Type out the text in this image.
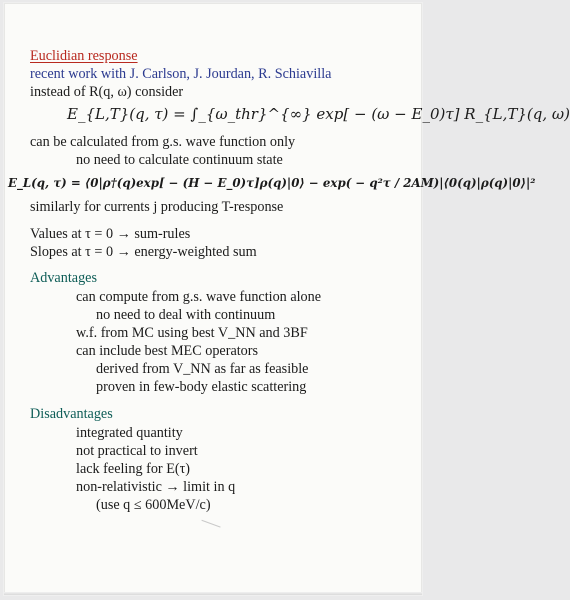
Euclidian response
recent work with J. Carlson, J. Jourdan, R. Schiavilla
instead of R(q, ω) consider
E_{L,T}(q, τ) = ∫_{ω_thr}^{∞} exp[ − (ω − E_0)τ] R_{L,T}(q, ω)
can be calculated from g.s. wave function only
no need to calculate continuum state
E_L(q, τ) = ⟨0|ρ†(q)exp[ − (H − E_0)τ]ρ(q)|0⟩ − exp( − q²τ / 2AM)|⟨0(q)|ρ(q)|0⟩|²
similarly for currents j producing T-response
Values at τ = 0 → sum-rules
Slopes at τ = 0 → energy-weighted sum
Advantages
can compute from g.s. wave function alone
no need to deal with continuum
w.f. from MC using best V_NN and 3BF
can include best MEC operators
derived from V_NN as far as feasible
proven in few-body elastic scattering
Disadvantages
integrated quantity
not practical to invert
lack feeling for E(τ)
non-relativistic → limit in q
(use q ≤ 600MeV/c)
